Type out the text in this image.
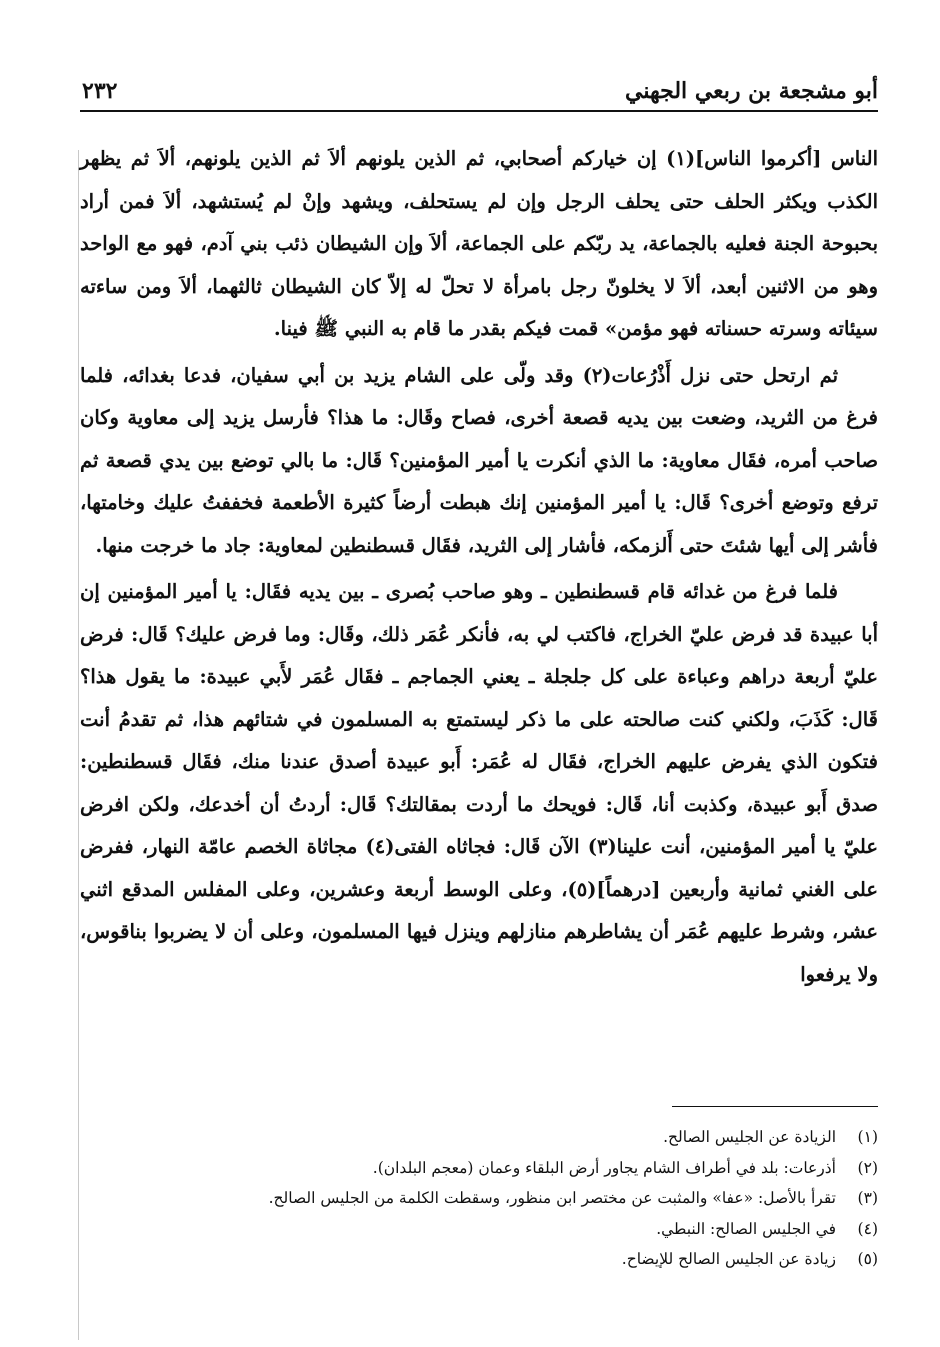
أبو مشجعة بن ربعي الجهني
٢٣٢

الناس [أكرموا الناس](١) إن خياركم أصحابي، ثم الذين يلونهم ألاَ ثم الذين يلونهم، ألاَ ثم يظهر الكذب ويكثر الحلف حتى يحلف الرجل وإن لم يستحلف، ويشهد وإنْ لم يُستشهد، ألاَ فمن أراد بحبوحة الجنة فعليه بالجماعة، يد ربّكم على الجماعة، ألاَ وإن الشيطان ذئب بني آدم، فهو مع الواحد وهو من الاثنين أبعد، ألاَ لا يخلونّ رجل بامرأة لا تحلّ له إلاّ كان الشيطان ثالثهما، ألاَ ومن ساءته سيئاته وسرته حسناته فهو مؤمن» قمت فيكم بقدر ما قام به النبي ﷺ فينا.

ثم ارتحل حتى نزل أَذْرُعات(٢) وقد ولّى على الشام يزيد بن أبي سفيان، فدعا بغدائه، فلما فرغ من الثريد، وضعت بين يديه قصعة أخرى، فصاح وقَال: ما هذا؟ فأرسل يزيد إلى معاوية وكان صاحب أمره، فقَال معاوية: ما الذي أنكرت يا أمير المؤمنين؟ قَال: ما بالي توضع بين يدي قصعة ثم ترفع وتوضع أخرى؟ قَال: يا أمير المؤمنين إنك هبطت أرضاً كثيرة الأطعمة فخففتُ عليك وخامتها، فأشر إلى أيها شئتَ حتى أَلزمكه، فأشار إلى الثريد، فقَال قسطنطين لمعاوية: جاد ما خرجت منها.

فلما فرغ من غدائه قام قسطنطين ـ وهو صاحب بُصرى ـ بين يديه فقَال: يا أمير المؤمنين إن أبا عبيدة قد فرض عليّ الخراج، فاكتب لي به، فأنكر عُمَر ذلك، وقَال: وما فرض عليك؟ قَال: فرض عليّ أربعة دراهم وعباءة على كل جلجلة ـ يعني الجماجم ـ فقَال عُمَر لأَبي عبيدة: ما يقول هذا؟ قَال: كَذَبَ، ولكني كنت صالحته على ما ذكر ليستمتع به المسلمون في شتائهم هذا، ثم تقدمُ أنت فتكون الذي يفرض عليهم الخراج، فقَال له عُمَر: أَبو عبيدة أصدق عندنا منك، فقَال قسطنطين: صدق أَبو عبيدة، وكذبت أنا، قَال: فويحك ما أردت بمقالتك؟ قَال: أردتُ أن أخدعك، ولكن افرض عليّ يا أمير المؤمنين، أنت علينا(٣) الآن قَال: فجاثاه الفتى(٤) مجاثاة الخصم عامّة النهار، ففرض على الغني ثمانية وأربعين [درهماً](٥)، وعلى الوسط أربعة وعشرين، وعلى المفلس المدقع اثني عشر، وشرط عليهم عُمَر أن يشاطرهم منازلهم وينزل فيها المسلمون، وعلى أن لا يضربوا بناقوس، ولا يرفعوا

(١)الزيادة عن الجليس الصالح.
(٢)أذرعات: بلد في أطراف الشام يجاور أرض البلقاء وعمان (معجم البلدان).
(٣)تقرأ بالأصل: «عفا» والمثبت عن مختصر ابن منظور، وسقطت الكلمة من الجليس الصالح.
(٤)في الجليس الصالح: النبطي.
(٥)زيادة عن الجليس الصالح للإيضاح.
